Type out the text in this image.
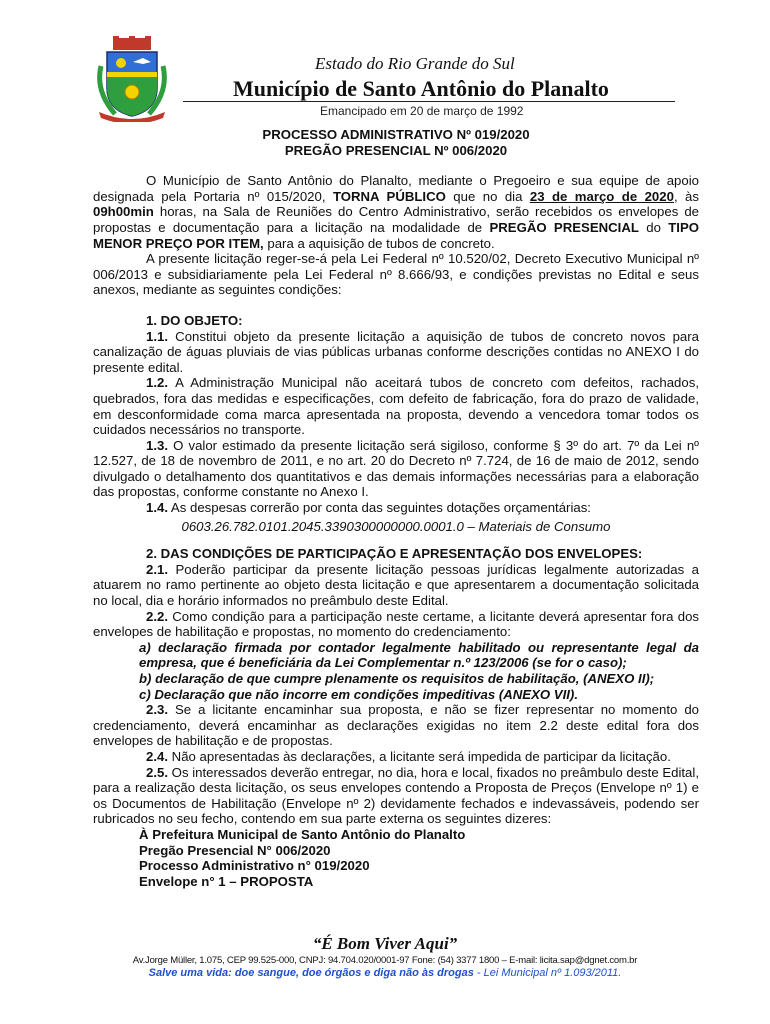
Estado do Rio Grande do Sul
Município de Santo Antônio do Planalto
Emancipado em 20 de março de 1992
PROCESSO ADMINISTRATIVO Nº 019/2020
PREGÃO PRESENCIAL Nº 006/2020

O Município de Santo Antônio do Planalto, mediante o Pregoeiro e sua equipe de apoio designada pela Portaria nº 015/2020, TORNA PÚBLICO que no dia 23 de março de 2020, às 09h00min horas, na Sala de Reuniões do Centro Administrativo, serão recebidos os envelopes de propostas e documentação para a licitação na modalidade de PREGÃO PRESENCIAL do TIPO MENOR PREÇO POR ITEM, para a aquisição de tubos de concreto.

A presente licitação reger-se-á pela Lei Federal nº 10.520/02, Decreto Executivo Municipal nº 006/2013 e subsidiariamente pela Lei Federal nº 8.666/93, e condições previstas no Edital e seus anexos, mediante as seguintes condições:

1. DO OBJETO:

1.1. Constitui objeto da presente licitação a aquisição de tubos de concreto novos para canalização de águas pluviais de vias públicas urbanas conforme descrições contidas no ANEXO I do presente edital.

1.2. A Administração Municipal não aceitará tubos de concreto com defeitos, rachados, quebrados, fora das medidas e especificações, com defeito de fabricação, fora do prazo de validade, em desconformidade coma marca apresentada na proposta, devendo a vencedora tomar todos os cuidados necessários no transporte.

1.3. O valor estimado da presente licitação será sigiloso, conforme § 3º do art. 7º da Lei nº 12.527, de 18 de novembro de 2011, e no art. 20 do Decreto nº 7.724, de 16 de maio de 2012, sendo divulgado o detalhamento dos quantitativos e das demais informações necessárias para a elaboração das propostas, conforme constante no Anexo I.

1.4. As despesas correrão por conta das seguintes dotações orçamentárias:

0603.26.782.0101.2045.3390300000000.0001.0 – Materiais de Consumo
2. DAS CONDIÇÕES DE PARTICIPAÇÃO E APRESENTAÇÃO DOS ENVELOPES:

2.1. Poderão participar da presente licitação pessoas jurídicas legalmente autorizadas a atuarem no ramo pertinente ao objeto desta licitação e que apresentarem a documentação solicitada no local, dia e horário informados no preâmbulo deste Edital.

2.2. Como condição para a participação neste certame, a licitante deverá apresentar fora dos envelopes de habilitação e propostas, no momento do credenciamento:

a) declaração firmada por contador legalmente habilitado ou representante legal da empresa, que é beneficiária da Lei Complementar n.º 123/2006 (se for o caso);
b) declaração de que cumpre plenamente os requisitos de habilitação, (ANEXO II);
c) Declaração que não incorre em condições impeditivas (ANEXO VII).

2.3. Se a licitante encaminhar sua proposta, e não se fizer representar no momento do credenciamento, deverá encaminhar as declarações exigidas no item 2.2 deste edital fora dos envelopes de habilitação e de propostas.

2.4. Não apresentadas às declarações, a licitante será impedida de participar da licitação.

2.5. Os interessados deverão entregar, no dia, hora e local, fixados no preâmbulo deste Edital, para a realização desta licitação, os seus envelopes contendo a Proposta de Preços (Envelope nº 1) e os Documentos de Habilitação (Envelope nº 2) devidamente fechados e indevassáveis, podendo ser rubricados no seu fecho, contendo em sua parte externa os seguintes dizeres:

À Prefeitura Municipal de Santo Antônio do Planalto
Pregão Presencial N° 006/2020
Processo Administrativo n° 019/2020
Envelope n° 1 – PROPOSTA
“É Bom Viver Aqui”
Av.Jorge Müller, 1.075, CEP 99.525-000, CNPJ: 94.704.020/0001-97 Fone: (54) 3377 1800 – E-mail: licita.sap@dgnet.com.br
Salve uma vida: doe sangue, doe órgãos e diga não às drogas - Lei Municipal nº 1.093/2011.
